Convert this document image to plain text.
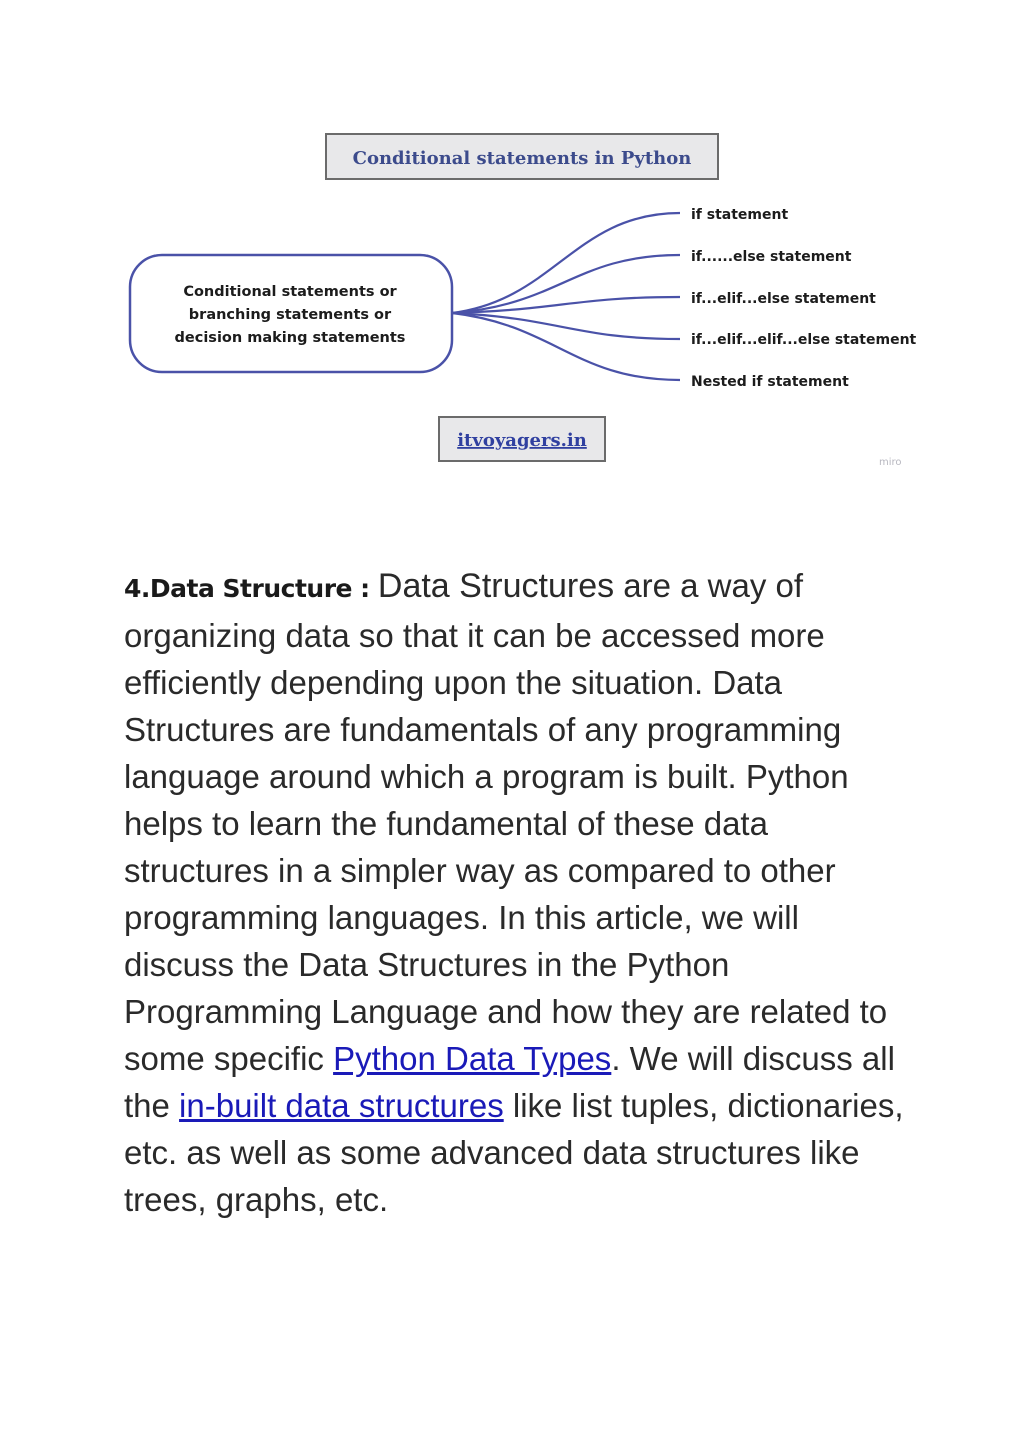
Conditional statements in Python
Conditional statements or
branching statements or
decision making statements
if statement
if......else statement
if...elif...else statement
if...elif...elif...else statement
Nested if statement
itvoyagers.in
miro
4.Data Structure : Data Structures are a way of organizing data so that it can be accessed more efficiently depending upon the situation. Data Structures are fundamentals of any programming language around which a program is built. Python helps to learn the fundamental of these data structures in a simpler way as compared to other programming languages. In this article, we will discuss the Data Structures in the Python Programming Language and how they are related to some specific Python Data Types. We will discuss all the in-built data structures like list tuples, dictionaries, etc. as well as some advanced data structures like trees, graphs, etc.
